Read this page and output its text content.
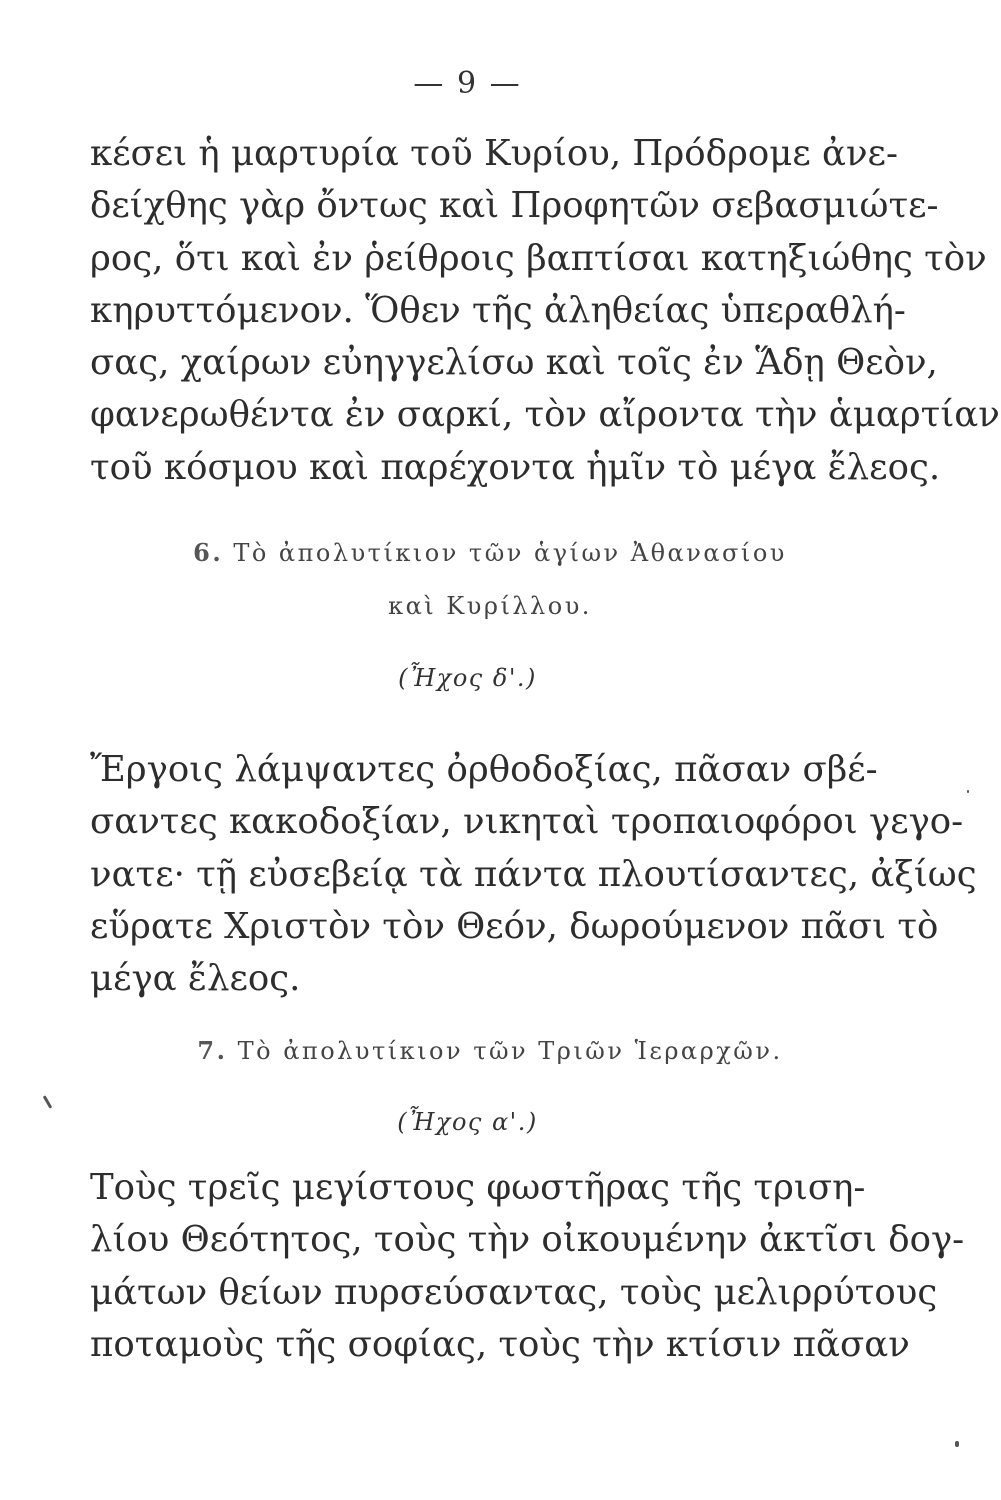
— 9 —

κέσει ἡ μαρτυρία τοῦ Κυρίου, Πρόδρομε ἀνε-
δείχθης γὰρ ὄντως καὶ Προφητῶν σεβασμιώτε-
ρος, ὅτι καὶ ἐν ῥείθροις βαπτίσαι κατηξιώθης τὸν
κηρυττόμενον. Ὅθεν τῆς ἀληθείας ὑπεραθλή-
σας, χαίρων εὐηγγελίσω καὶ τοῖς ἐν Ἅδῃ Θεὸν,
φανερωθέντα ἐν σαρκί, τὸν αἴροντα τὴν ἁμαρτίαν
τοῦ κόσμου καὶ παρέχοντα ἡμῖν τὸ μέγα ἔλεος.

6. Τὸ ἀπολυτίκιον τῶν ἁγίων Ἀθανασίου
καὶ Κυρίλλου.
(Ἦχος δ'.)

Ἔργοις λάμψαντες ὀρθοδοξίας, πᾶσαν σβέ-
σαντες κακοδοξίαν, νικηταὶ τροπαιοφόροι γεγο-
νατε· τῇ εὐσεβείᾳ τὰ πάντα πλουτίσαντες, ἀξίως
εὕρατε Χριστὸν τὸν Θεόν, δωρούμενον πᾶσι τὸ
μέγα ἔλεος.

7. Τὸ ἀπολυτίκιον τῶν Τριῶν Ἱεραρχῶν.
(Ἦχος α'.)

Τοὺς τρεῖς μεγίστους φωστῆρας τῆς τριση-
λίου Θεότητος, τοὺς τὴν οἰκουμένην ἀκτῖσι δογ-
μάτων θείων πυρσεύσαντας, τοὺς μελιρρύτους
ποταμοὺς τῆς σοφίας, τοὺς τὴν κτίσιν πᾶσαν
